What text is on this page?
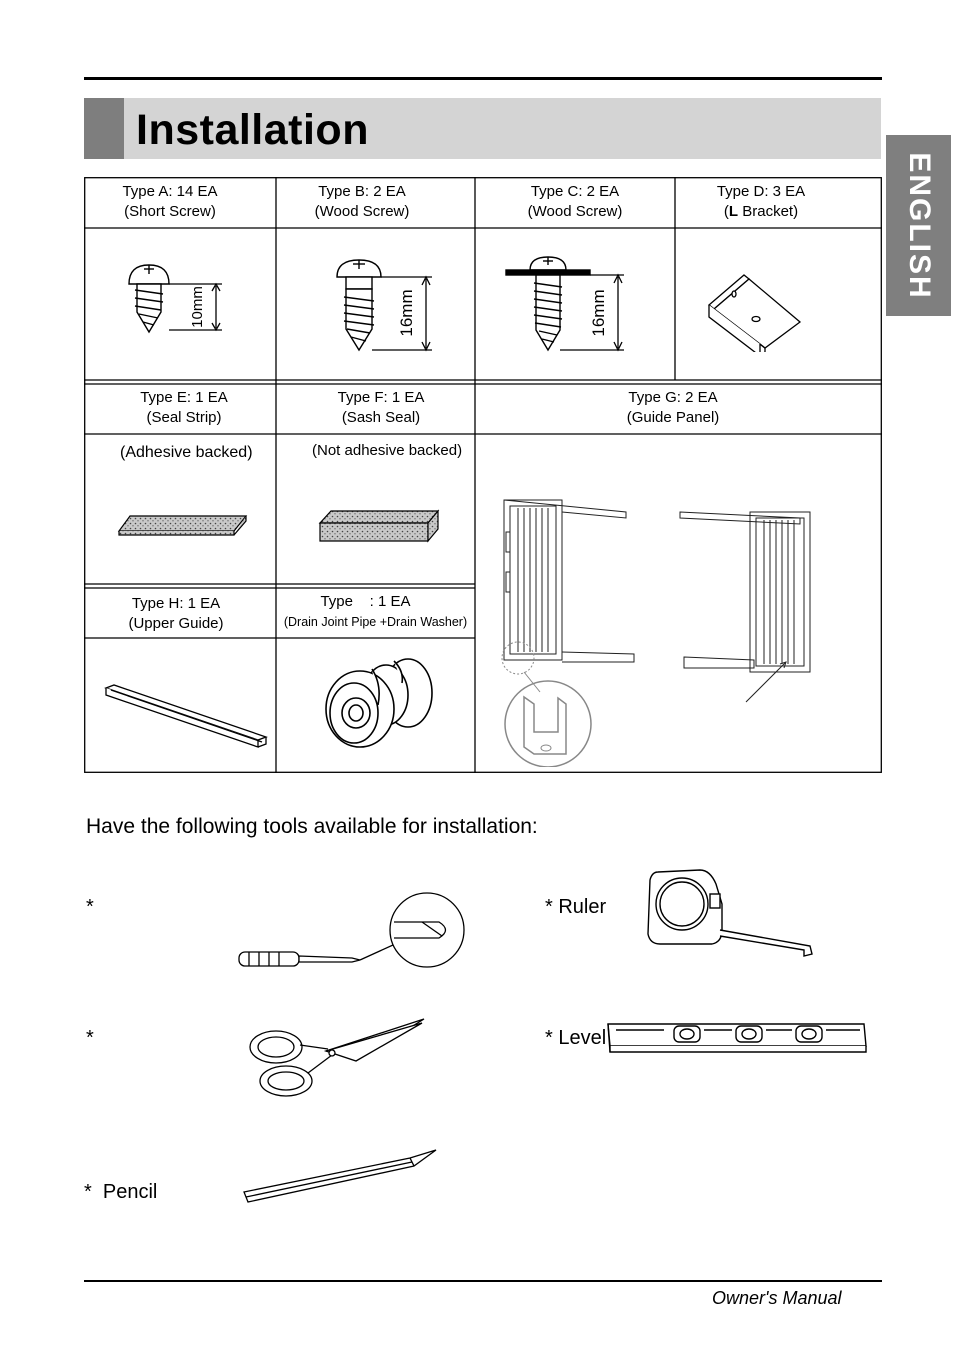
Installation
ENGLISH
Type A: 14 EA
(Short Screw)
Type B: 2 EA
(Wood Screw)
Type C: 2 EA
(Wood Screw)
Type D: 3 EA
(L Bracket)
10mm	16mm	16mm
Type E: 1 EA
(Seal Strip)
Type F: 1 EA
(Sash Seal)
Type G: 2 EA
(Guide Panel)
(Adhesive backed)	(Not adhesive backed)
Type H: 1 EA
(Upper Guide)
Type    : 1 EA
(Drain Joint Pipe +Drain Washer)
Have the following tools available for installation:
*
*
*  Pencil
* Ruler
* Level
Owner's Manual
